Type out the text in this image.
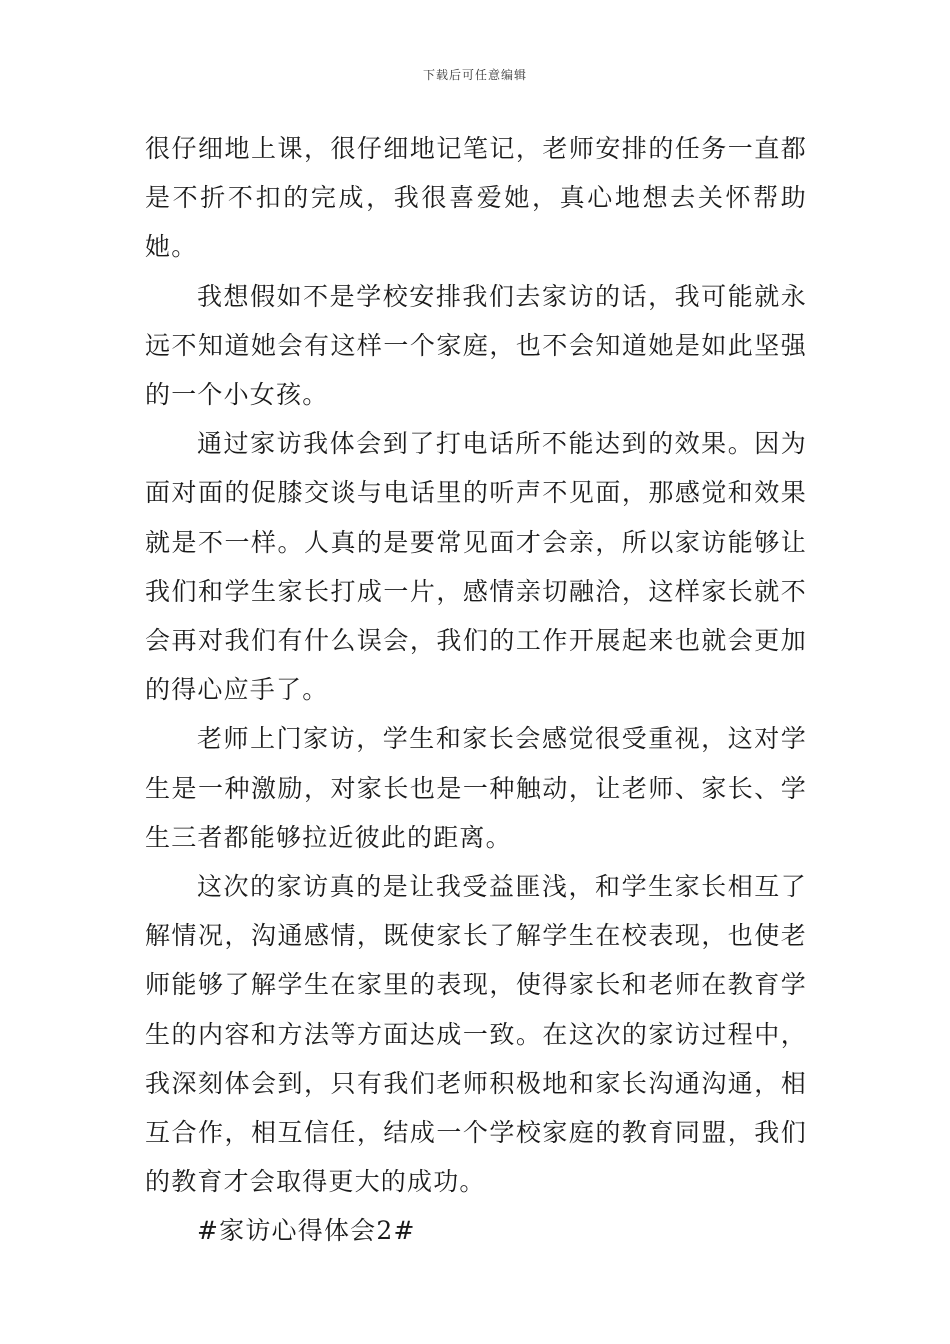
下载后可任意编辑

很仔细地上课，很仔细地记笔记，老师安排的任务一直都是不折不扣的完成，我很喜爱她，真心地想去关怀帮助她。

我想假如不是学校安排我们去家访的话，我可能就永远不知道她会有这样一个家庭，也不会知道她是如此坚强的一个小女孩。

通过家访我体会到了打电话所不能达到的效果。因为面对面的促膝交谈与电话里的听声不见面，那感觉和效果就是不一样。人真的是要常见面才会亲，所以家访能够让我们和学生家长打成一片，感情亲切融洽，这样家长就不会再对我们有什么误会，我们的工作开展起来也就会更加的得心应手了。

老师上门家访，学生和家长会感觉很受重视，这对学生是一种激励，对家长也是一种触动，让老师、家长、学生三者都能够拉近彼此的距离。

这次的家访真的是让我受益匪浅，和学生家长相互了解情况，沟通感情，既使家长了解学生在校表现，也使老师能够了解学生在家里的表现，使得家长和老师在教育学生的内容和方法等方面达成一致。在这次的家访过程中，我深刻体会到，只有我们老师积极地和家长沟通沟通，相互合作，相互信任，结成一个学校家庭的教育同盟，我们的教育才会取得更大的成功。

#家访心得体会2#
